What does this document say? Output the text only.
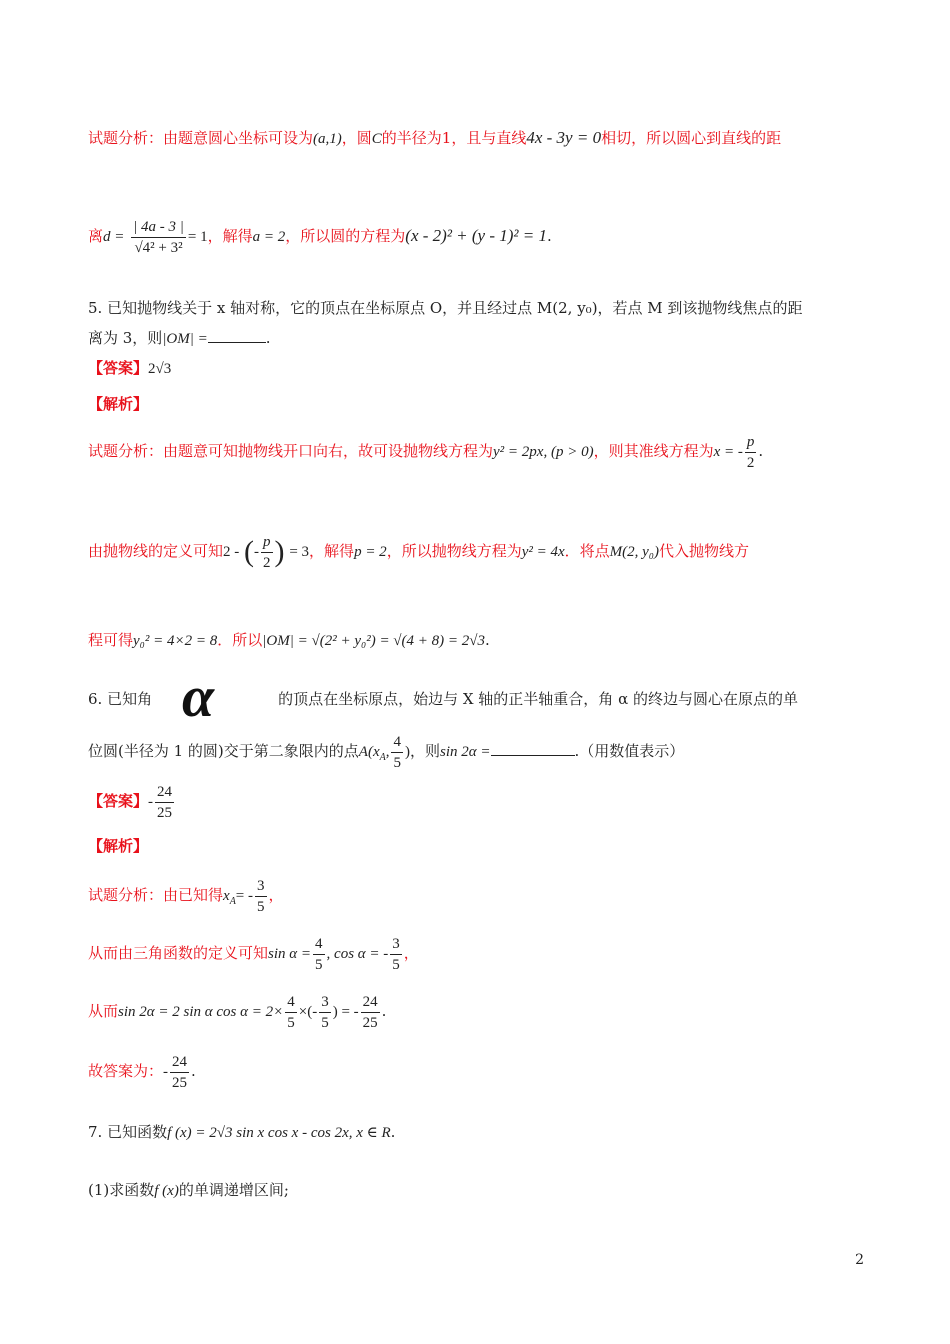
试题分析：由题意圆心坐标可设为(a,1)，圆C的半径为1，且与直线4x - 3y = 0相切，所以圆心到直线的距
离$d = \frac{| 4a - 3 |}{\text{√4² + 3²}} = 1$，解得a = 2，所以圆的方程为(x - 2)² + (y - 1)² = 1.
5. 已知抛物线关于 x 轴对称，它的顶点在坐标原点 O，并且经过点 M(2, y₀)，若点 M 到该抛物线焦点的距
离为 3，则|OM| =	.
【答案】2√3
【解析】
试题分析：由题意可知抛物线开口向右，故可设抛物线方程为y² = 2px, (p > 0)，则其准线方程为x = - $\frac{p}{2}$ .
由抛物线的定义可知2 - (- $\frac{p}{2}$ ) = 3，解得p = 2，所以抛物线方程为y² = 4x．将点M(2, y₀)代入抛物线方
程可得y₀² = 4×2 = 8．所以|OM| = √(2² + y₀²) = √(4 + 8) = 2√3.
6. 已知角	的顶点在坐标原点，始边与 X 轴的正半轴重合，角 α 的终边与圆心在原点的单
α
位圆(半径为 1 的圆)交于第二象限内的点$A(x_A$, $\frac{4}{5}$ )，则sin 2α =	.（用数值表示）
【答案】- $\frac{24}{25}$
【解析】
试题分析：由已知得$x_A= - \frac{3}{5}$ ，
从而由三角函数的定义可知$\sin \alpha = \frac{4}{5}$ , cos α = - $\frac{3}{5}$ ，
从而sin 2α = 2 sin α $\cos \alpha = 2\times \frac{4}{5}$ ×(- $\frac{3}{5}$ ) = - $\frac{24}{25}$ .
故答案为：- $\frac{24}{25}$ .
7. 已知函数f (x) = 2√3 sin x cos x - cos 2x, x ∈ R.
(1)求函数f (x)的单调递增区间;
2
